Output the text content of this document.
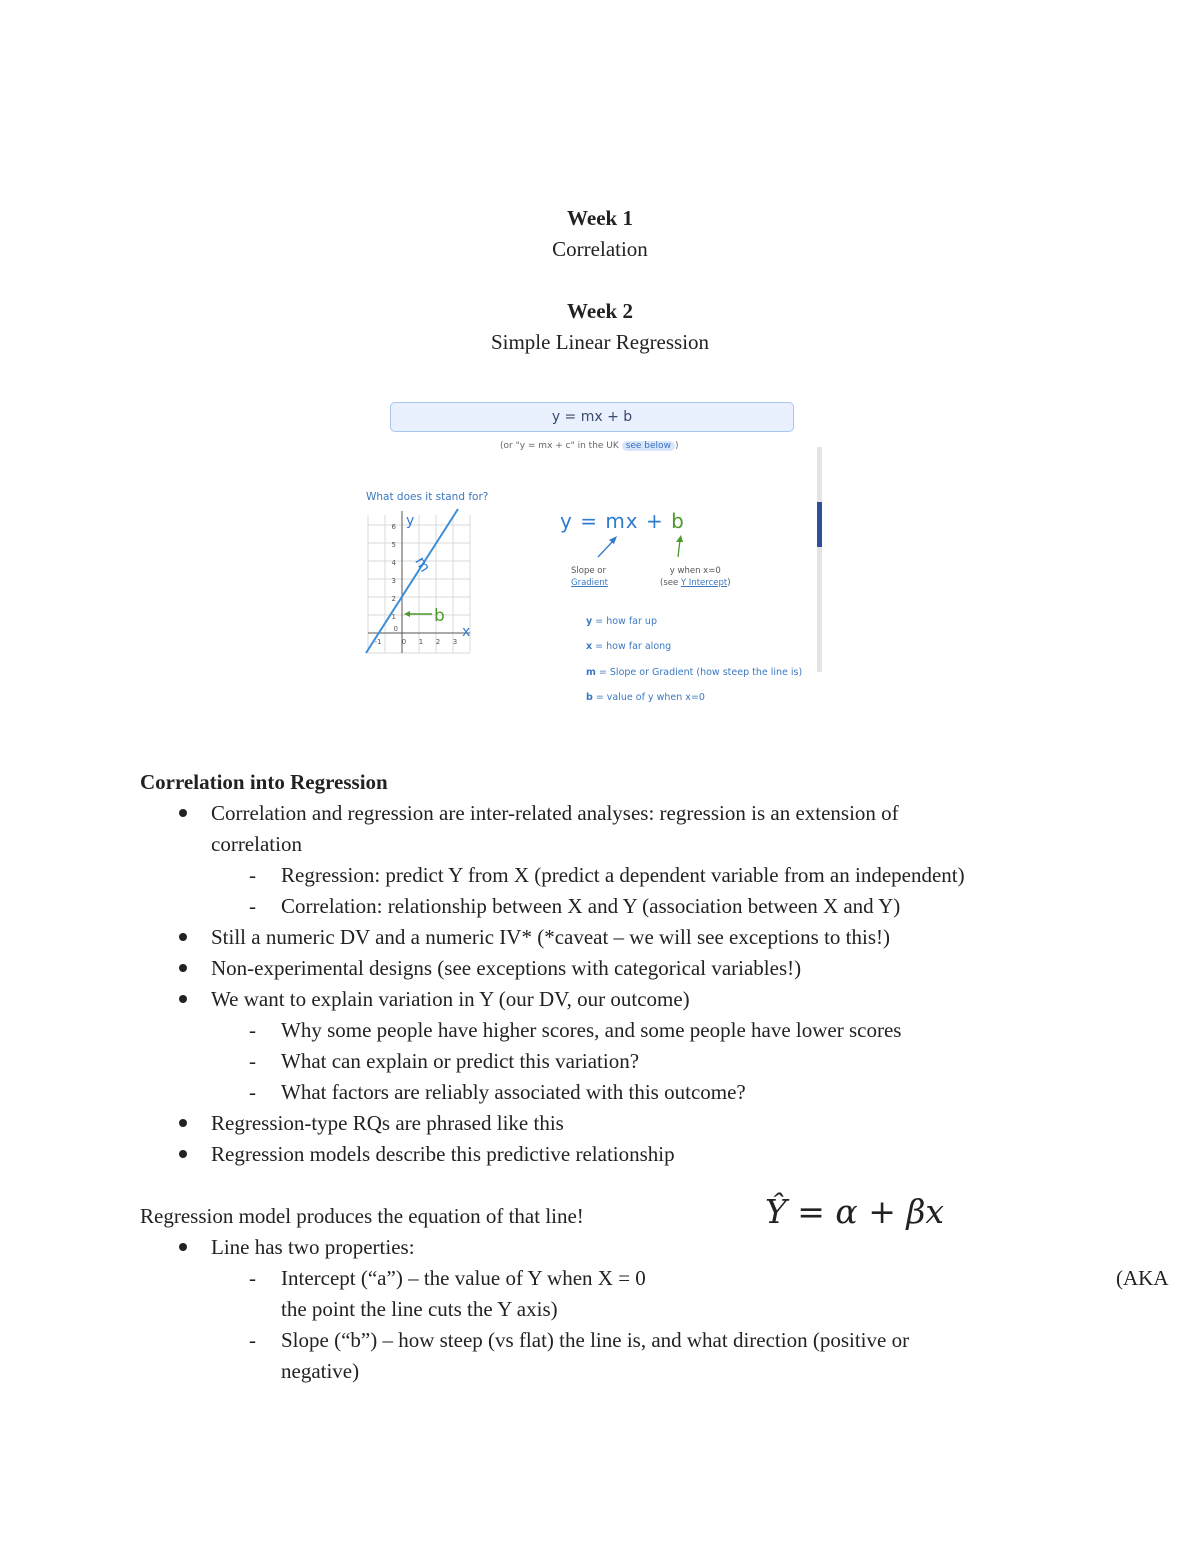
Week 1
Correlation
Week 2
Simple Linear Regression
y = mx + b
(or "y = mx + c" in the UK see below )
What does it stand for?
6
5
4
3
2
1
0
-1	0 1 2 3
y
x
m
b
y = mx + b
Slope or
Gradient
y when x=0
(see Y Intercept)
y = how far up
x = how far along
m = Slope or Gradient (how steep the line is)
b = value of y when x=0
Correlation into Regression
Correlation and regression are inter-related analyses: regression is an extension of
correlation
- Regression: predict Y from X (predict a dependent variable from an independent)
- Correlation: relationship between X and Y (association between X and Y)
Still a numeric DV and a numeric IV* (*caveat – we will see exceptions to this!)
Non-experimental designs (see exceptions with categorical variables!)
We want to explain variation in Y (our DV, our outcome)
- Why some people have higher scores, and some people have lower scores
- What can explain or predict this variation?
- What factors are reliably associated with this outcome?
Regression-type RQs are phrased like this
Regression models describe this predictive relationship
Regression model produces the equation of that line!	Ŷ = α + βx
Line has two properties:
- Intercept (“a”) – the value of Y when X = 0	(AKA
the point the line cuts the Y axis)
- Slope (“b”) – how steep (vs flat) the line is, and what direction (positive or
negative)
